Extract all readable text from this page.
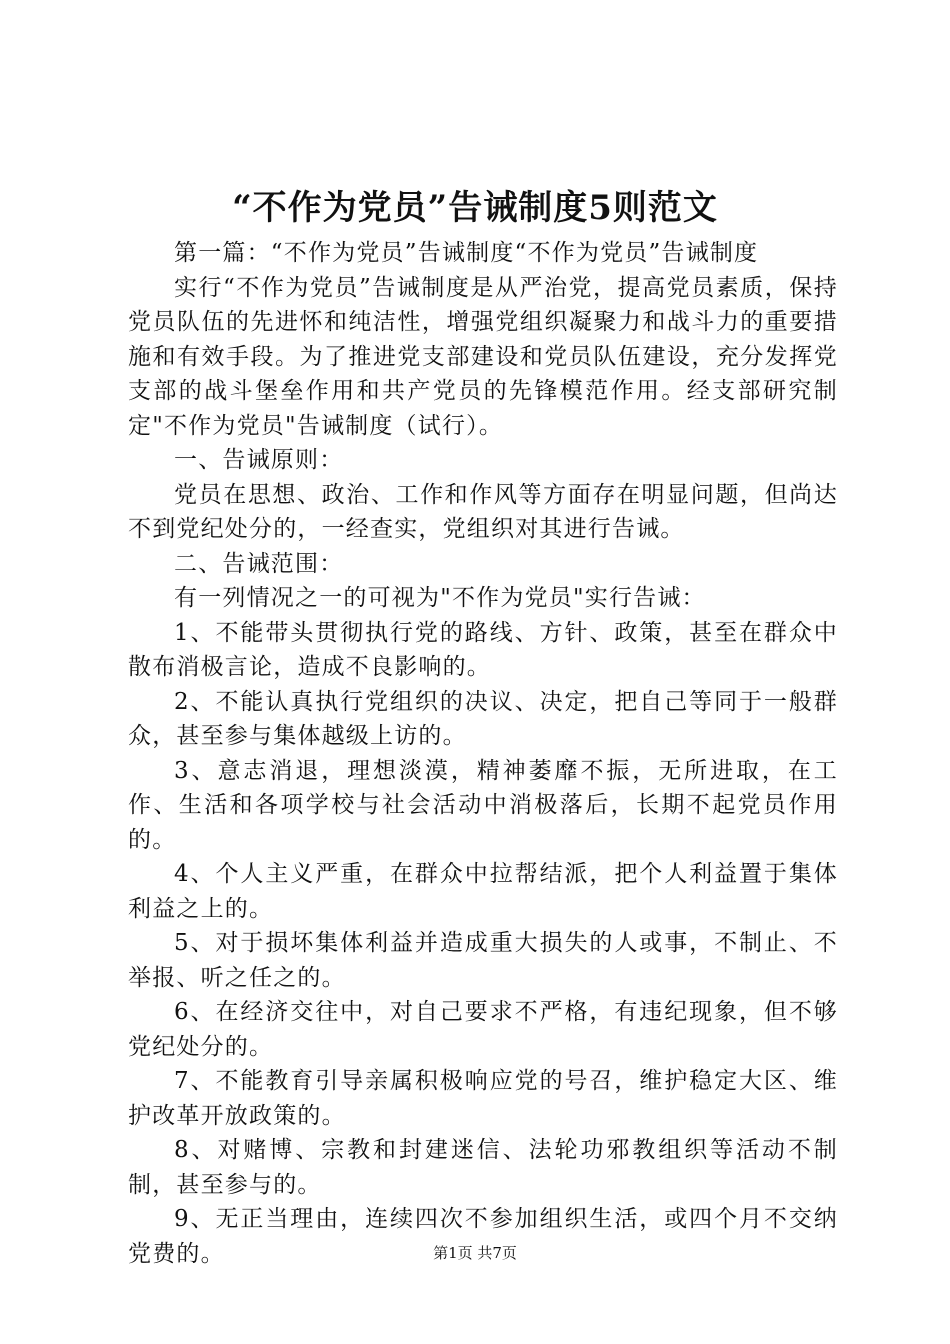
“不作为党员”告诫制度5则范文

第一篇：“不作为党员”告诫制度“不作为党员”告诫制度

实行“不作为党员”告诫制度是从严治党，提高党员素质，保持党员队伍的先进怀和纯洁性，增强党组织凝聚力和战斗力的重要措施和有效手段。为了推进党支部建设和党员队伍建设，充分发挥党支部的战斗堡垒作用和共产党员的先锋模范作用。经支部研究制定"不作为党员"告诫制度（试行）。

一、告诫原则：

党员在思想、政治、工作和作风等方面存在明显问题，但尚达不到党纪处分的，一经查实，党组织对其进行告诫。

二、告诫范围：

有一列情况之一的可视为"不作为党员"实行告诫：

1、不能带头贯彻执行党的路线、方针、政策，甚至在群众中散布消极言论，造成不良影响的。

2、不能认真执行党组织的决议、决定，把自己等同于一般群众，甚至参与集体越级上访的。

3、意志消退，理想淡漠，精神萎靡不振，无所进取，在工作、生活和各项学校与社会活动中消极落后，长期不起党员作用的。

4、个人主义严重，在群众中拉帮结派，把个人利益置于集体利益之上的。

5、对于损坏集体利益并造成重大损失的人或事，不制止、不举报、听之任之的。

6、在经济交往中，对自己要求不严格，有违纪现象，但不够党纪处分的。

7、不能教育引导亲属积极响应党的号召，维护稳定大区、维护改革开放政策的。

8、对赌博、宗教和封建迷信、法轮功邪教组织等活动不制制，甚至参与的。

9、无正当理由，连续四次不参加组织生活，或四个月不交纳党费的。	第1页 共7页
